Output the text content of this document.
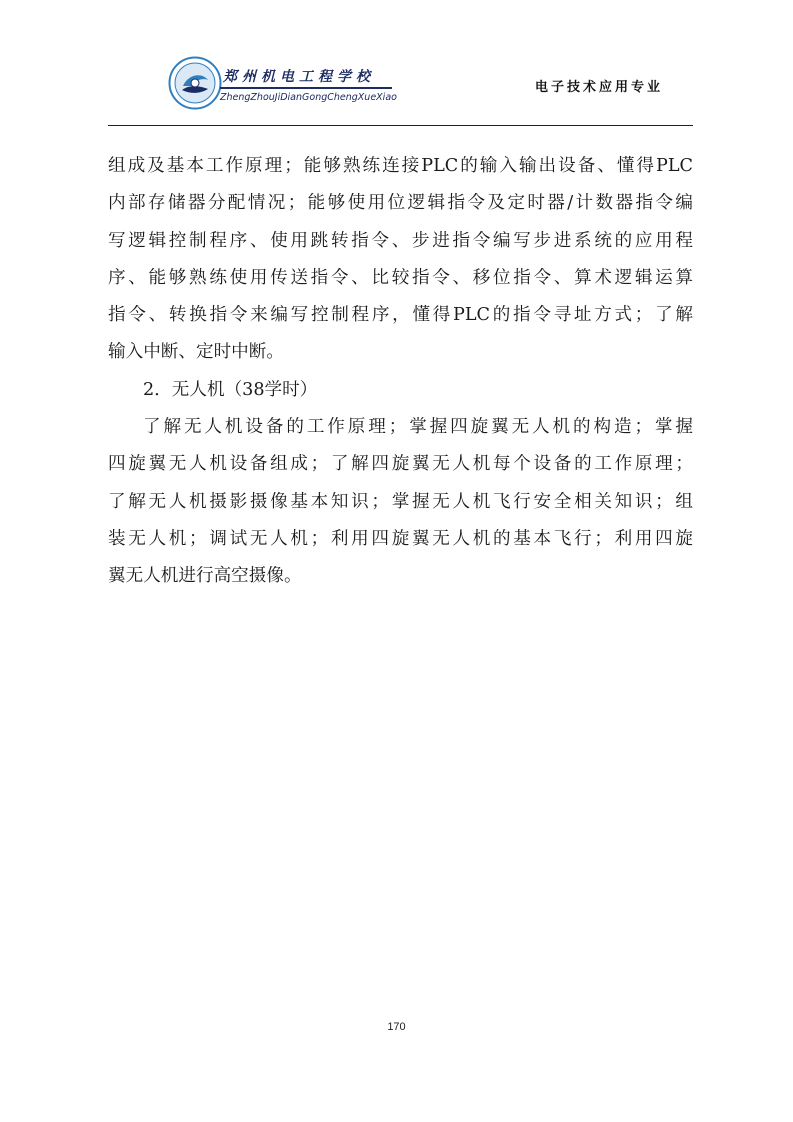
郑州机电工程学校
ZhengZhouJiDianGongChengXueXiao
电子技术应用专业
组成及基本工作原理；能够熟练连接PLC的输入输出设备、懂得PLC
内部存储器分配情况；能够使用位逻辑指令及定时器/计数器指令编
写逻辑控制程序、使用跳转指令、步进指令编写步进系统的应用程
序、能够熟练使用传送指令、比较指令、移位指令、算术逻辑运算
指令、转换指令来编写控制程序，懂得PLC的指令寻址方式；了解
输入中断、定时中断。
2．无人机（38学时）
了解无人机设备的工作原理；掌握四旋翼无人机的构造；掌握
四旋翼无人机设备组成；了解四旋翼无人机每个设备的工作原理；
了解无人机摄影摄像基本知识；掌握无人机飞行安全相关知识；组
装无人机；调试无人机；利用四旋翼无人机的基本飞行；利用四旋
翼无人机进行高空摄像。
170
